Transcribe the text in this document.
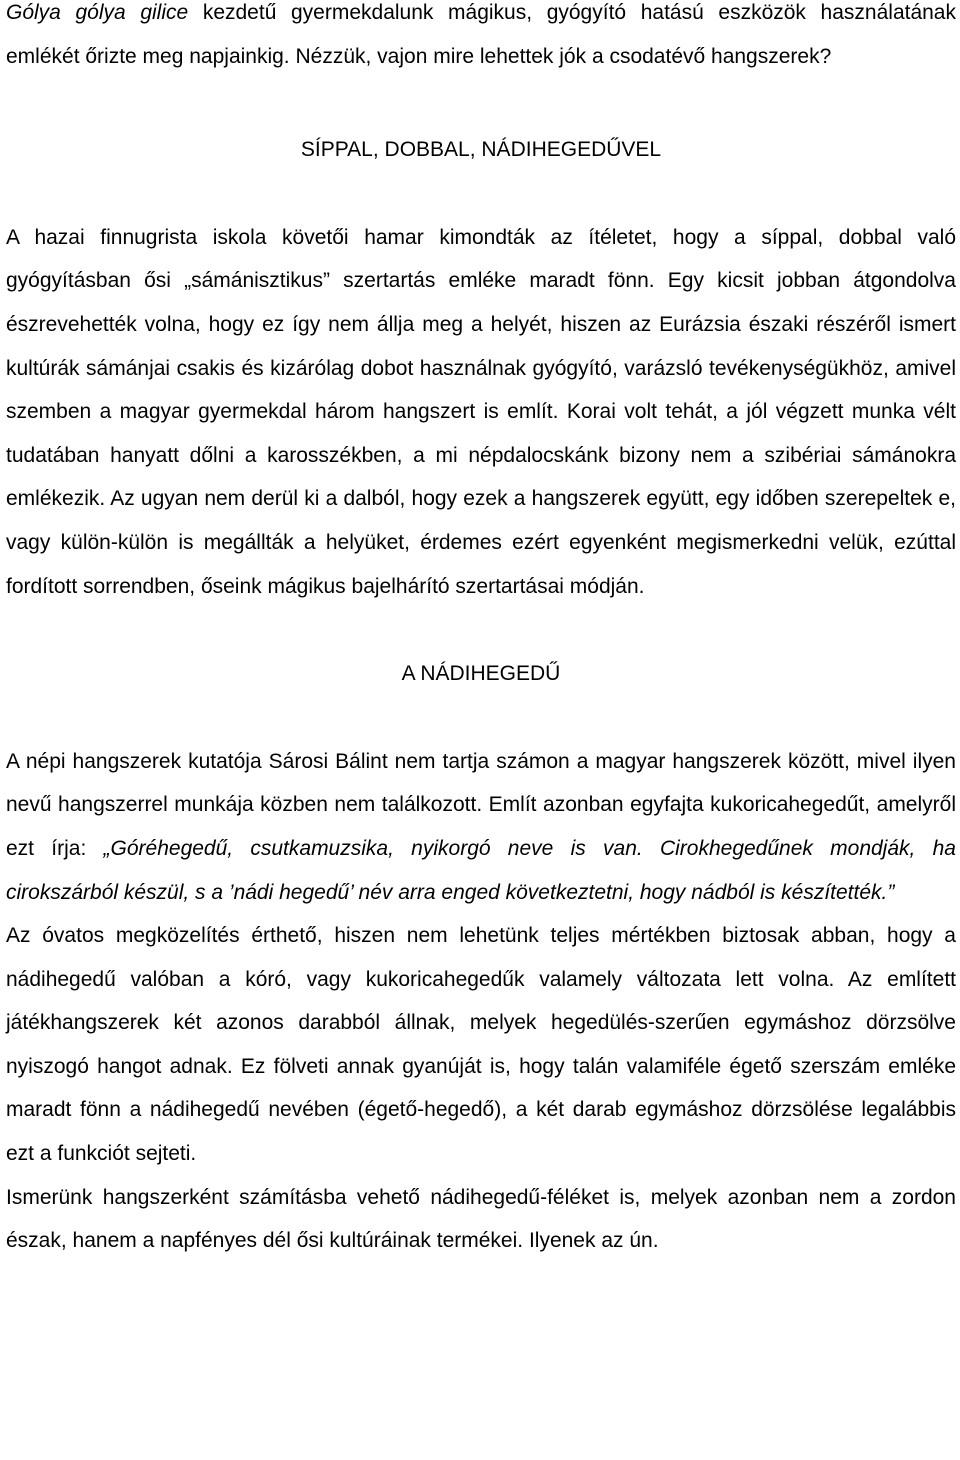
Gólya gólya gilice kezdetű gyermekdalunk mágikus, gyógyító hatású eszközök használatának emlékét őrizte meg napjainkig. Nézzük, vajon mire lehettek jók a csodatévő hangszerek?

SÍPPAL, DOBBAL, NÁDIHEGEDŰVEL

A hazai finnugrista iskola követői hamar kimondták az ítéletet, hogy a síppal, dobbal való gyógyításban ősi „sámánisztikus” szertartás emléke maradt fönn. Egy kicsit jobban átgondolva észrevehették volna, hogy ez így nem állja meg a helyét, hiszen az Eurázsia északi részéről ismert kultúrák sámánjai csakis és kizárólag dobot használnak gyógyító, varázsló tevékenységükhöz, amivel szemben a magyar gyermekdal három hangszert is említ. Korai volt tehát, a jól végzett munka vélt tudatában hanyatt dőlni a karosszékben, a mi népdalocskánk bizony nem a szibériai sámánokra emlékezik. Az ugyan nem derül ki a dalból, hogy ezek a hangszerek együtt, egy időben szerepeltek e, vagy külön-külön is megállták a helyüket, érdemes ezért egyenként megismerkedni velük, ezúttal fordított sorrendben, őseink mágikus bajelhárító szertartásai módján.

A NÁDIHEGEDŰ

A népi hangszerek kutatója Sárosi Bálint nem tartja számon a magyar hangszerek között, mivel ilyen nevű hangszerrel munkája közben nem találkozott. Említ azonban egyfajta kukoricahegedűt, amelyről ezt írja: „Góréhegedű, csutkamuzsika, nyikorgó neve is van. Cirokhegedűnek mondják, ha cirokszárból készül, s a ’nádi hegedű’ név arra enged következtetni, hogy nádból is készítették.”

Az óvatos megközelítés érthető, hiszen nem lehetünk teljes mértékben biztosak abban, hogy a nádihegedű valóban a kóró, vagy kukoricahegedűk valamely változata lett volna. Az említett játékhangszerek két azonos darabból állnak, melyek hegedülés-szerűen egymáshoz dörzsölve nyiszogó hangot adnak. Ez fölveti annak gyanúját is, hogy talán valamiféle égető szerszám emléke maradt fönn a nádihegedű nevében (égető-hegedő), a két darab egymáshoz dörzsölése legalábbis ezt a funkciót sejteti.

Ismerünk hangszerként számításba vehető nádihegedű-féléket is, melyek azonban nem a zordon észak, hanem a napfényes dél ősi kultúráinak termékei. Ilyenek az ún.
